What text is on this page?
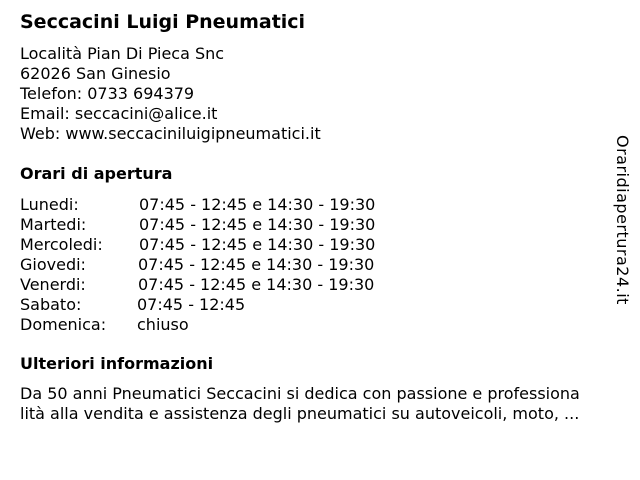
Seccacini Luigi Pneumatici
Località Pian Di Pieca Snc
62026 San Ginesio
Telefon: 0733 694379
Email: seccacini@alice.it
Web: www.seccaciniluigipneumatici.it
Orari di apertura
Lunedi:	07:45 - 12:45 e 14:30 - 19:30
Martedi:	07:45 - 12:45 e 14:30 - 19:30
Mercoledi: 07:45 - 12:45 e 14:30 - 19:30
Giovedi:	07:45 - 12:45 e 14:30 - 19:30
Venerdi:	07:45 - 12:45 e 14:30 - 19:30
Sabato:	07:45 - 12:45
Domenica: chiuso
Ulteriori informazioni
Da 50 anni Pneumatici Seccacini si dedica con passione e professiona
lità alla vendita e assistenza degli pneumatici su autoveicoli, moto, ...
Oraridiapertura24.it
